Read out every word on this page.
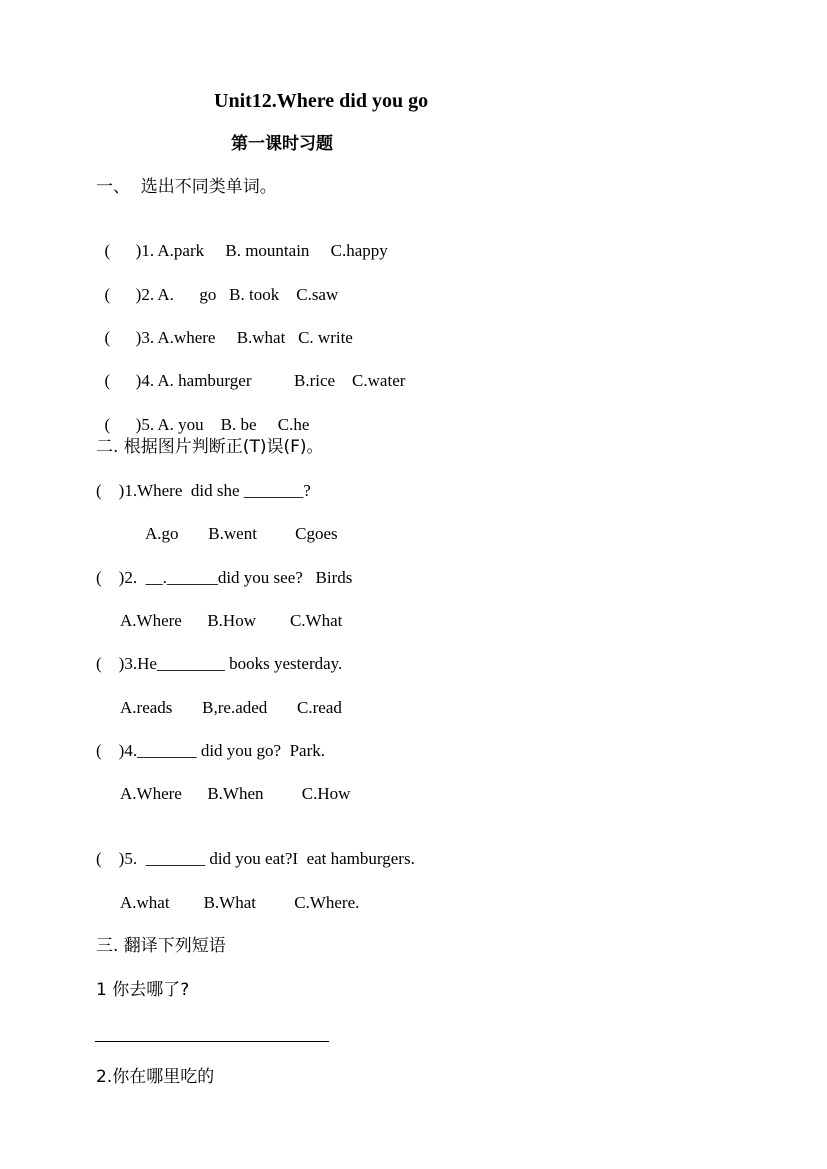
Unit12.Where did you go
第一课时习题
一、  选出不同类单词。

(      )1. A.park     B. mountain     C.happy

(      )2. A.      go   B. took    C.saw

(      )3. A.where     B.what   C. write

(      )4. A. hamburger          B.rice    C.water

(      )5. A. you    B. be     C.he

二. 根据图片判断正(T)误(F)。
(    )1.Where  did she _______?
A.go       B.went         Cgoes
(    )2.  __.______did you see?   Birds
A.Where      B.How        C.What
(    )3.He________ books yesterday.
A.reads       B,re.aded       C.read
(    )4._______ did you go?  Park.
A.Where      B.When         C.How
(    )5.  _______ did you eat?I  eat hamburgers.
A.what        B.What         C.Where.
三. 翻译下列短语
1 你去哪了?
2.你在哪里吃的
